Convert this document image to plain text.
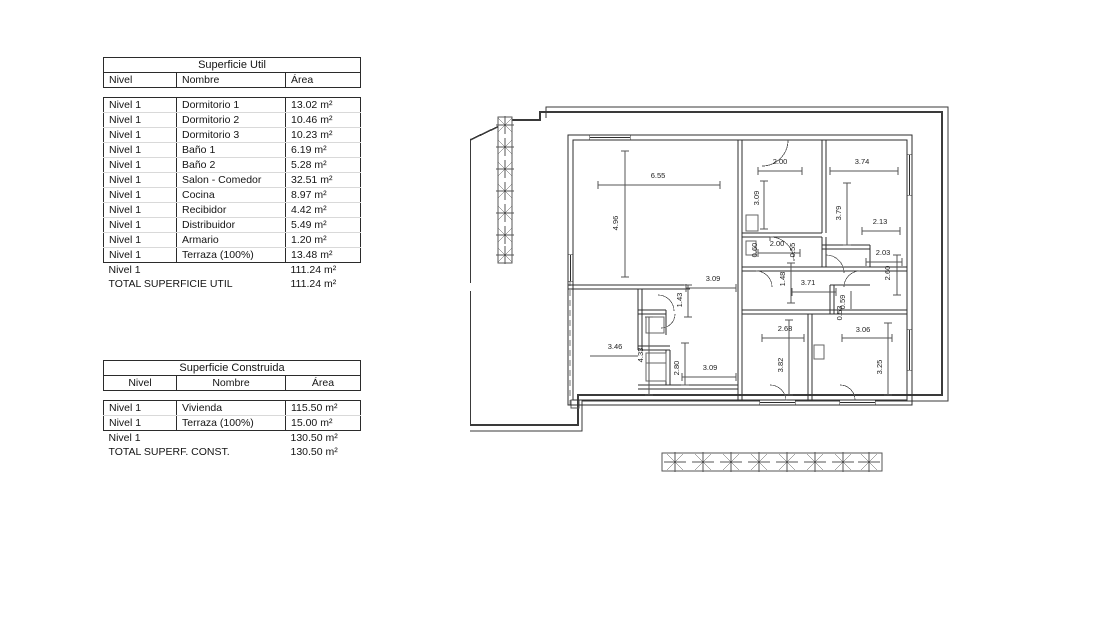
Superficie Util		
Nivel	Nombre	Área

Nivel 1	Dormitorio 1	13.02 m²
Nivel 1	Dormitorio 2	10.46 m²
Nivel 1	Dormitorio 3	10.23 m²
Nivel 1	Baño 1	6.19 m²
Nivel 1	Baño 2	5.28 m²
Nivel 1	Salon - Comedor	32.51 m²
Nivel 1	Cocina	8.97 m²
Nivel 1	Recibidor	4.42 m²
Nivel 1	Distribuidor	5.49 m²
Nivel 1	Armario	1.20 m²
Nivel 1	Terraza (100%)	13.48 m²
Nivel 1		111.24 m²
TOTAL SUPERFICIE UTIL		111.24 m²
Superficie Construida		
Nivel	Nombre	Área

Nivel 1	Vivienda	115.50 m²
Nivel 1	Terraza (100%)	15.00 m²
Nivel 1		130.50 m²
TOTAL SUPERF. CONST.		130.50 m²
6.55
4.96
2.00	3.74
3.09
3.79
2.13
2.00
0.60	0.55	2.03
2.60
3.09	1.48 3.71
1.43
0.53
0.59
2.68	3.06
3.46
4.33
3.82	3.25
2.80	3.09
